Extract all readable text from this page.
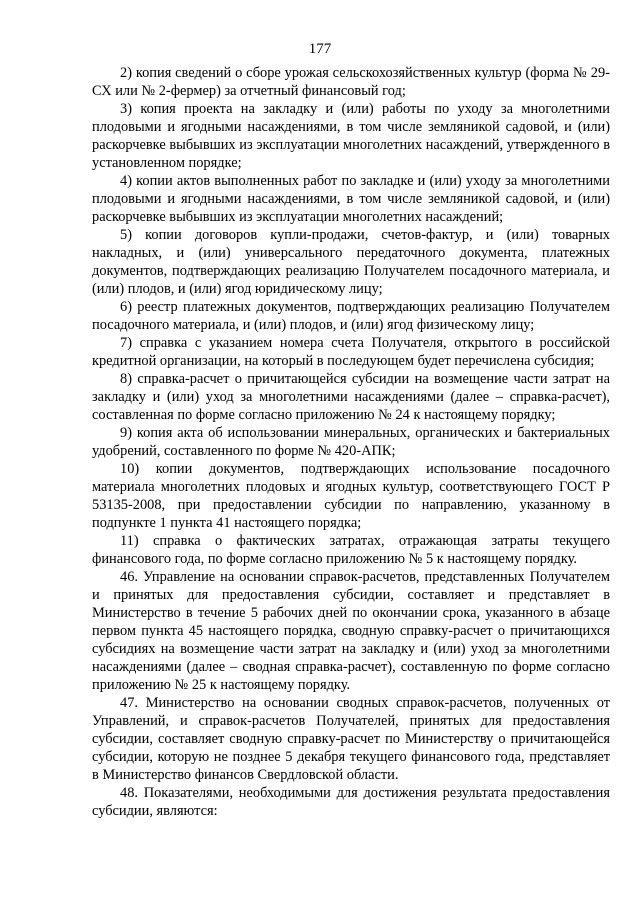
177

2) копия сведений о сборе урожая сельскохозяйственных культур (форма № 29-СХ или № 2-фермер) за отчетный финансовый год;

3) копия проекта на закладку и (или) работы по уходу за многолетними плодовыми и ягодными насаждениями, в том числе земляникой садовой, и (или) раскорчевке выбывших из эксплуатации многолетних насаждений, утвержденного в установленном порядке;

4) копии актов выполненных работ по закладке и (или) уходу за многолетними плодовыми и ягодными насаждениями, в том числе земляникой садовой, и (или) раскорчевке выбывших из эксплуатации многолетних насаждений;

5) копии договоров купли-продажи, счетов-фактур, и (или) товарных накладных, и (или) универсального передаточного документа, платежных документов, подтверждающих реализацию Получателем посадочного материала, и (или) плодов, и (или) ягод юридическому лицу;

6) реестр платежных документов, подтверждающих реализацию Получателем посадочного материала, и (или) плодов, и (или) ягод физическому лицу;

7) справка с указанием номера счета Получателя, открытого в российской кредитной организации, на который в последующем будет перечислена субсидия;

8) справка-расчет о причитающейся субсидии на возмещение части затрат на закладку и (или) уход за многолетними насаждениями (далее – справка-расчет), составленная по форме согласно приложению № 24 к настоящему порядку;

9) копия акта об использовании минеральных, органических и бактериальных удобрений, составленного по форме № 420-АПК;

10) копии документов, подтверждающих использование посадочного материала многолетних плодовых и ягодных культур, соответствующего ГОСТ Р 53135-2008, при предоставлении субсидии по направлению, указанному в подпункте 1 пункта 41 настоящего порядка;

11) справка о фактических затратах, отражающая затраты текущего финансового года, по форме согласно приложению № 5 к настоящему порядку.

46. Управление на основании справок-расчетов, представленных Получателем и принятых для предоставления субсидии, составляет и представляет в Министерство в течение 5 рабочих дней по окончании срока, указанного в абзаце первом пункта 45 настоящего порядка, сводную справку-расчет о причитающихся субсидиях на возмещение части затрат на закладку и (или) уход за многолетними насаждениями (далее – сводная справка-расчет), составленную по форме согласно приложению № 25 к настоящему порядку.

47. Министерство на основании сводных справок-расчетов, полученных от Управлений, и справок-расчетов Получателей, принятых для предоставления субсидии, составляет сводную справку-расчет по Министерству о причитающейся субсидии, которую не позднее 5 декабря текущего финансового года, представляет в Министерство финансов Свердловской области.

48. Показателями, необходимыми для достижения результата предоставления субсидии, являются:
